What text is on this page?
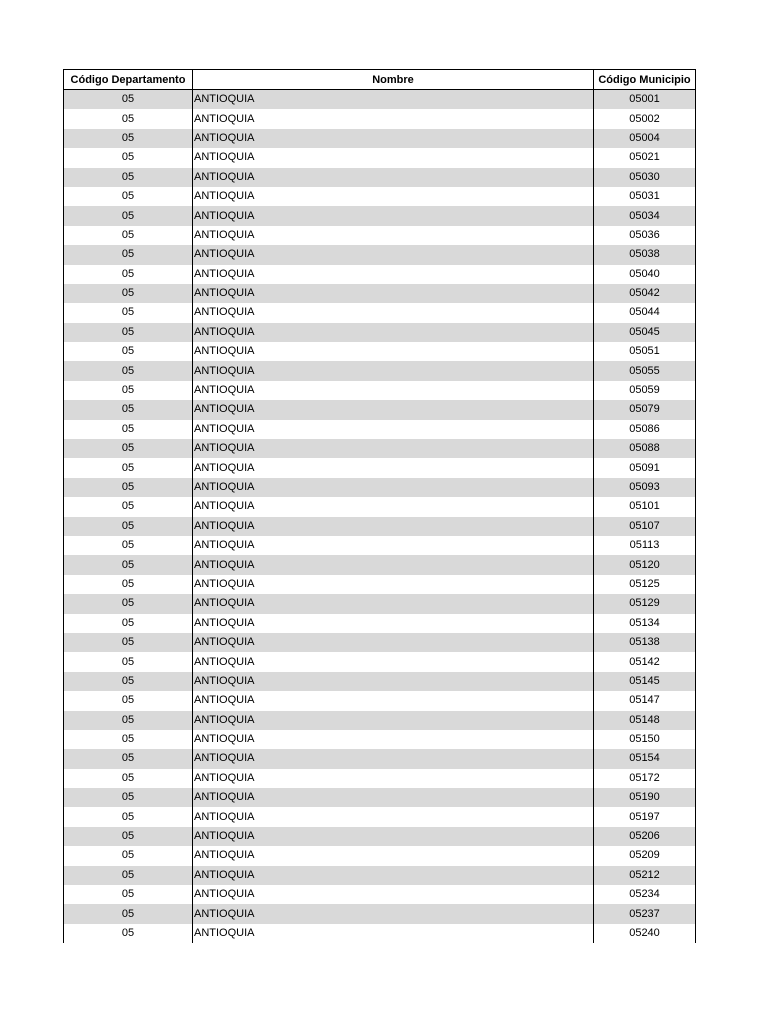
Código Departamento	Nombre	Código Municipio
05	ANTIOQUIA	05001
05	ANTIOQUIA	05002
05	ANTIOQUIA	05004
05	ANTIOQUIA	05021
05	ANTIOQUIA	05030
05	ANTIOQUIA	05031
05	ANTIOQUIA	05034
05	ANTIOQUIA	05036
05	ANTIOQUIA	05038
05	ANTIOQUIA	05040
05	ANTIOQUIA	05042
05	ANTIOQUIA	05044
05	ANTIOQUIA	05045
05	ANTIOQUIA	05051
05	ANTIOQUIA	05055
05	ANTIOQUIA	05059
05	ANTIOQUIA	05079
05	ANTIOQUIA	05086
05	ANTIOQUIA	05088
05	ANTIOQUIA	05091
05	ANTIOQUIA	05093
05	ANTIOQUIA	05101
05	ANTIOQUIA	05107
05	ANTIOQUIA	05113
05	ANTIOQUIA	05120
05	ANTIOQUIA	05125
05	ANTIOQUIA	05129
05	ANTIOQUIA	05134
05	ANTIOQUIA	05138
05	ANTIOQUIA	05142
05	ANTIOQUIA	05145
05	ANTIOQUIA	05147
05	ANTIOQUIA	05148
05	ANTIOQUIA	05150
05	ANTIOQUIA	05154
05	ANTIOQUIA	05172
05	ANTIOQUIA	05190
05	ANTIOQUIA	05197
05	ANTIOQUIA	05206
05	ANTIOQUIA	05209
05	ANTIOQUIA	05212
05	ANTIOQUIA	05234
05	ANTIOQUIA	05237
05	ANTIOQUIA	05240
